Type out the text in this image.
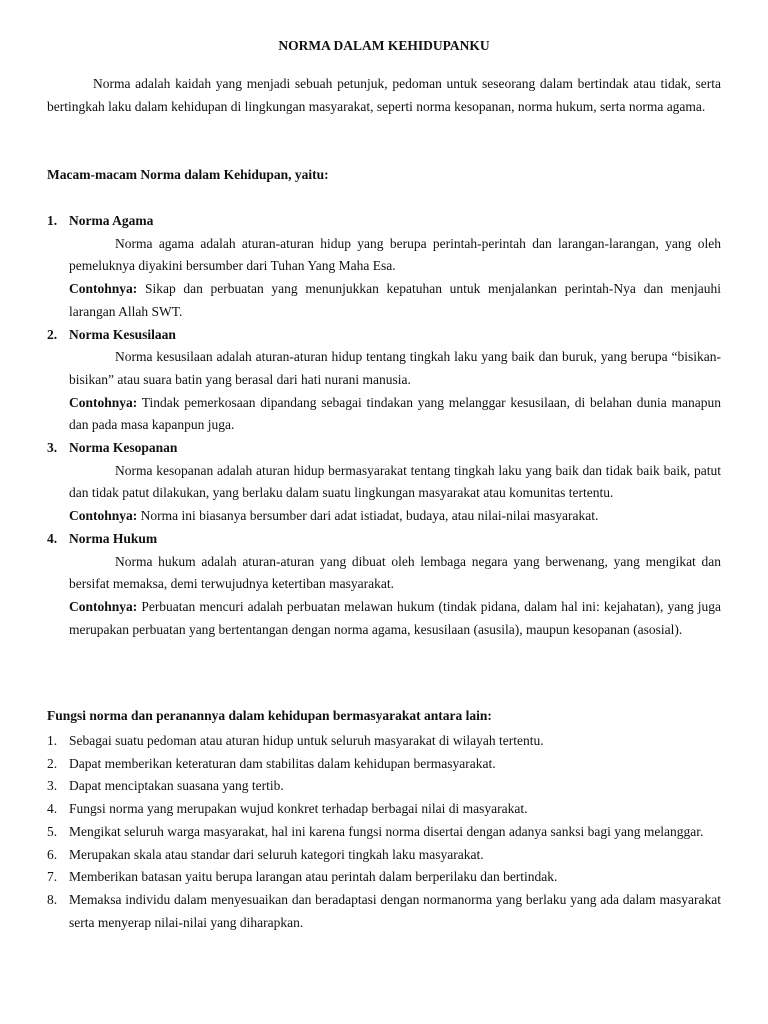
NORMA DALAM KEHIDUPANKU
Norma adalah kaidah yang menjadi sebuah petunjuk, pedoman untuk seseorang dalam bertindak atau tidak, serta bertingkah laku dalam kehidupan di lingkungan masyarakat, seperti norma kesopanan, norma hukum, serta norma agama.
Macam-macam Norma dalam Kehidupan, yaitu:
1. Norma Agama

Norma agama adalah aturan-aturan hidup yang berupa perintah-perintah dan larangan-larangan, yang oleh pemeluknya diyakini bersumber dari Tuhan Yang Maha Esa.

Contohnya: Sikap dan perbuatan yang menunjukkan kepatuhan untuk menjalankan perintah-Nya dan menjauhi larangan Allah SWT.

2. Norma Kesusilaan

Norma kesusilaan adalah aturan-aturan hidup tentang tingkah laku yang baik dan buruk, yang berupa “bisikan-bisikan” atau suara batin yang berasal dari hati nurani manusia.

Contohnya: Tindak pemerkosaan dipandang sebagai tindakan yang melanggar kesusilaan, di belahan dunia manapun dan pada masa kapanpun juga.

3. Norma Kesopanan

Norma kesopanan adalah aturan hidup bermasyarakat tentang tingkah laku yang baik dan tidak baik baik, patut dan tidak patut dilakukan, yang berlaku dalam suatu lingkungan masyarakat atau komunitas tertentu.

Contohnya: Norma ini biasanya bersumber dari adat istiadat, budaya, atau nilai-nilai masyarakat.

4. Norma Hukum

Norma hukum adalah aturan-aturan yang dibuat oleh lembaga negara yang berwenang, yang mengikat dan bersifat memaksa, demi terwujudnya ketertiban masyarakat.

Contohnya: Perbuatan mencuri adalah perbuatan melawan hukum (tindak pidana, dalam hal ini: kejahatan), yang juga merupakan perbuatan yang bertentangan dengan norma agama, kesusilaan (asusila), maupun kesopanan (asosial).

Fungsi norma dan peranannya dalam kehidupan bermasyarakat antara lain:
1. Sebagai suatu pedoman atau aturan hidup untuk seluruh masyarakat di wilayah tertentu.
2. Dapat memberikan keteraturan dam stabilitas dalam kehidupan bermasyarakat.
3. Dapat menciptakan suasana yang tertib.
4. Fungsi norma yang merupakan wujud konkret terhadap berbagai nilai di masyarakat.
5. Mengikat seluruh warga masyarakat, hal ini karena fungsi norma disertai dengan adanya sanksi bagi yang melanggar.
6. Merupakan skala atau standar dari seluruh kategori tingkah laku masyarakat.
7. Memberikan batasan yaitu berupa larangan atau perintah dalam berperilaku dan bertindak.
8. Memaksa individu dalam menyesuaikan dan beradaptasi dengan normanorma yang berlaku yang ada dalam masyarakat serta menyerap nilai-nilai yang diharapkan.
